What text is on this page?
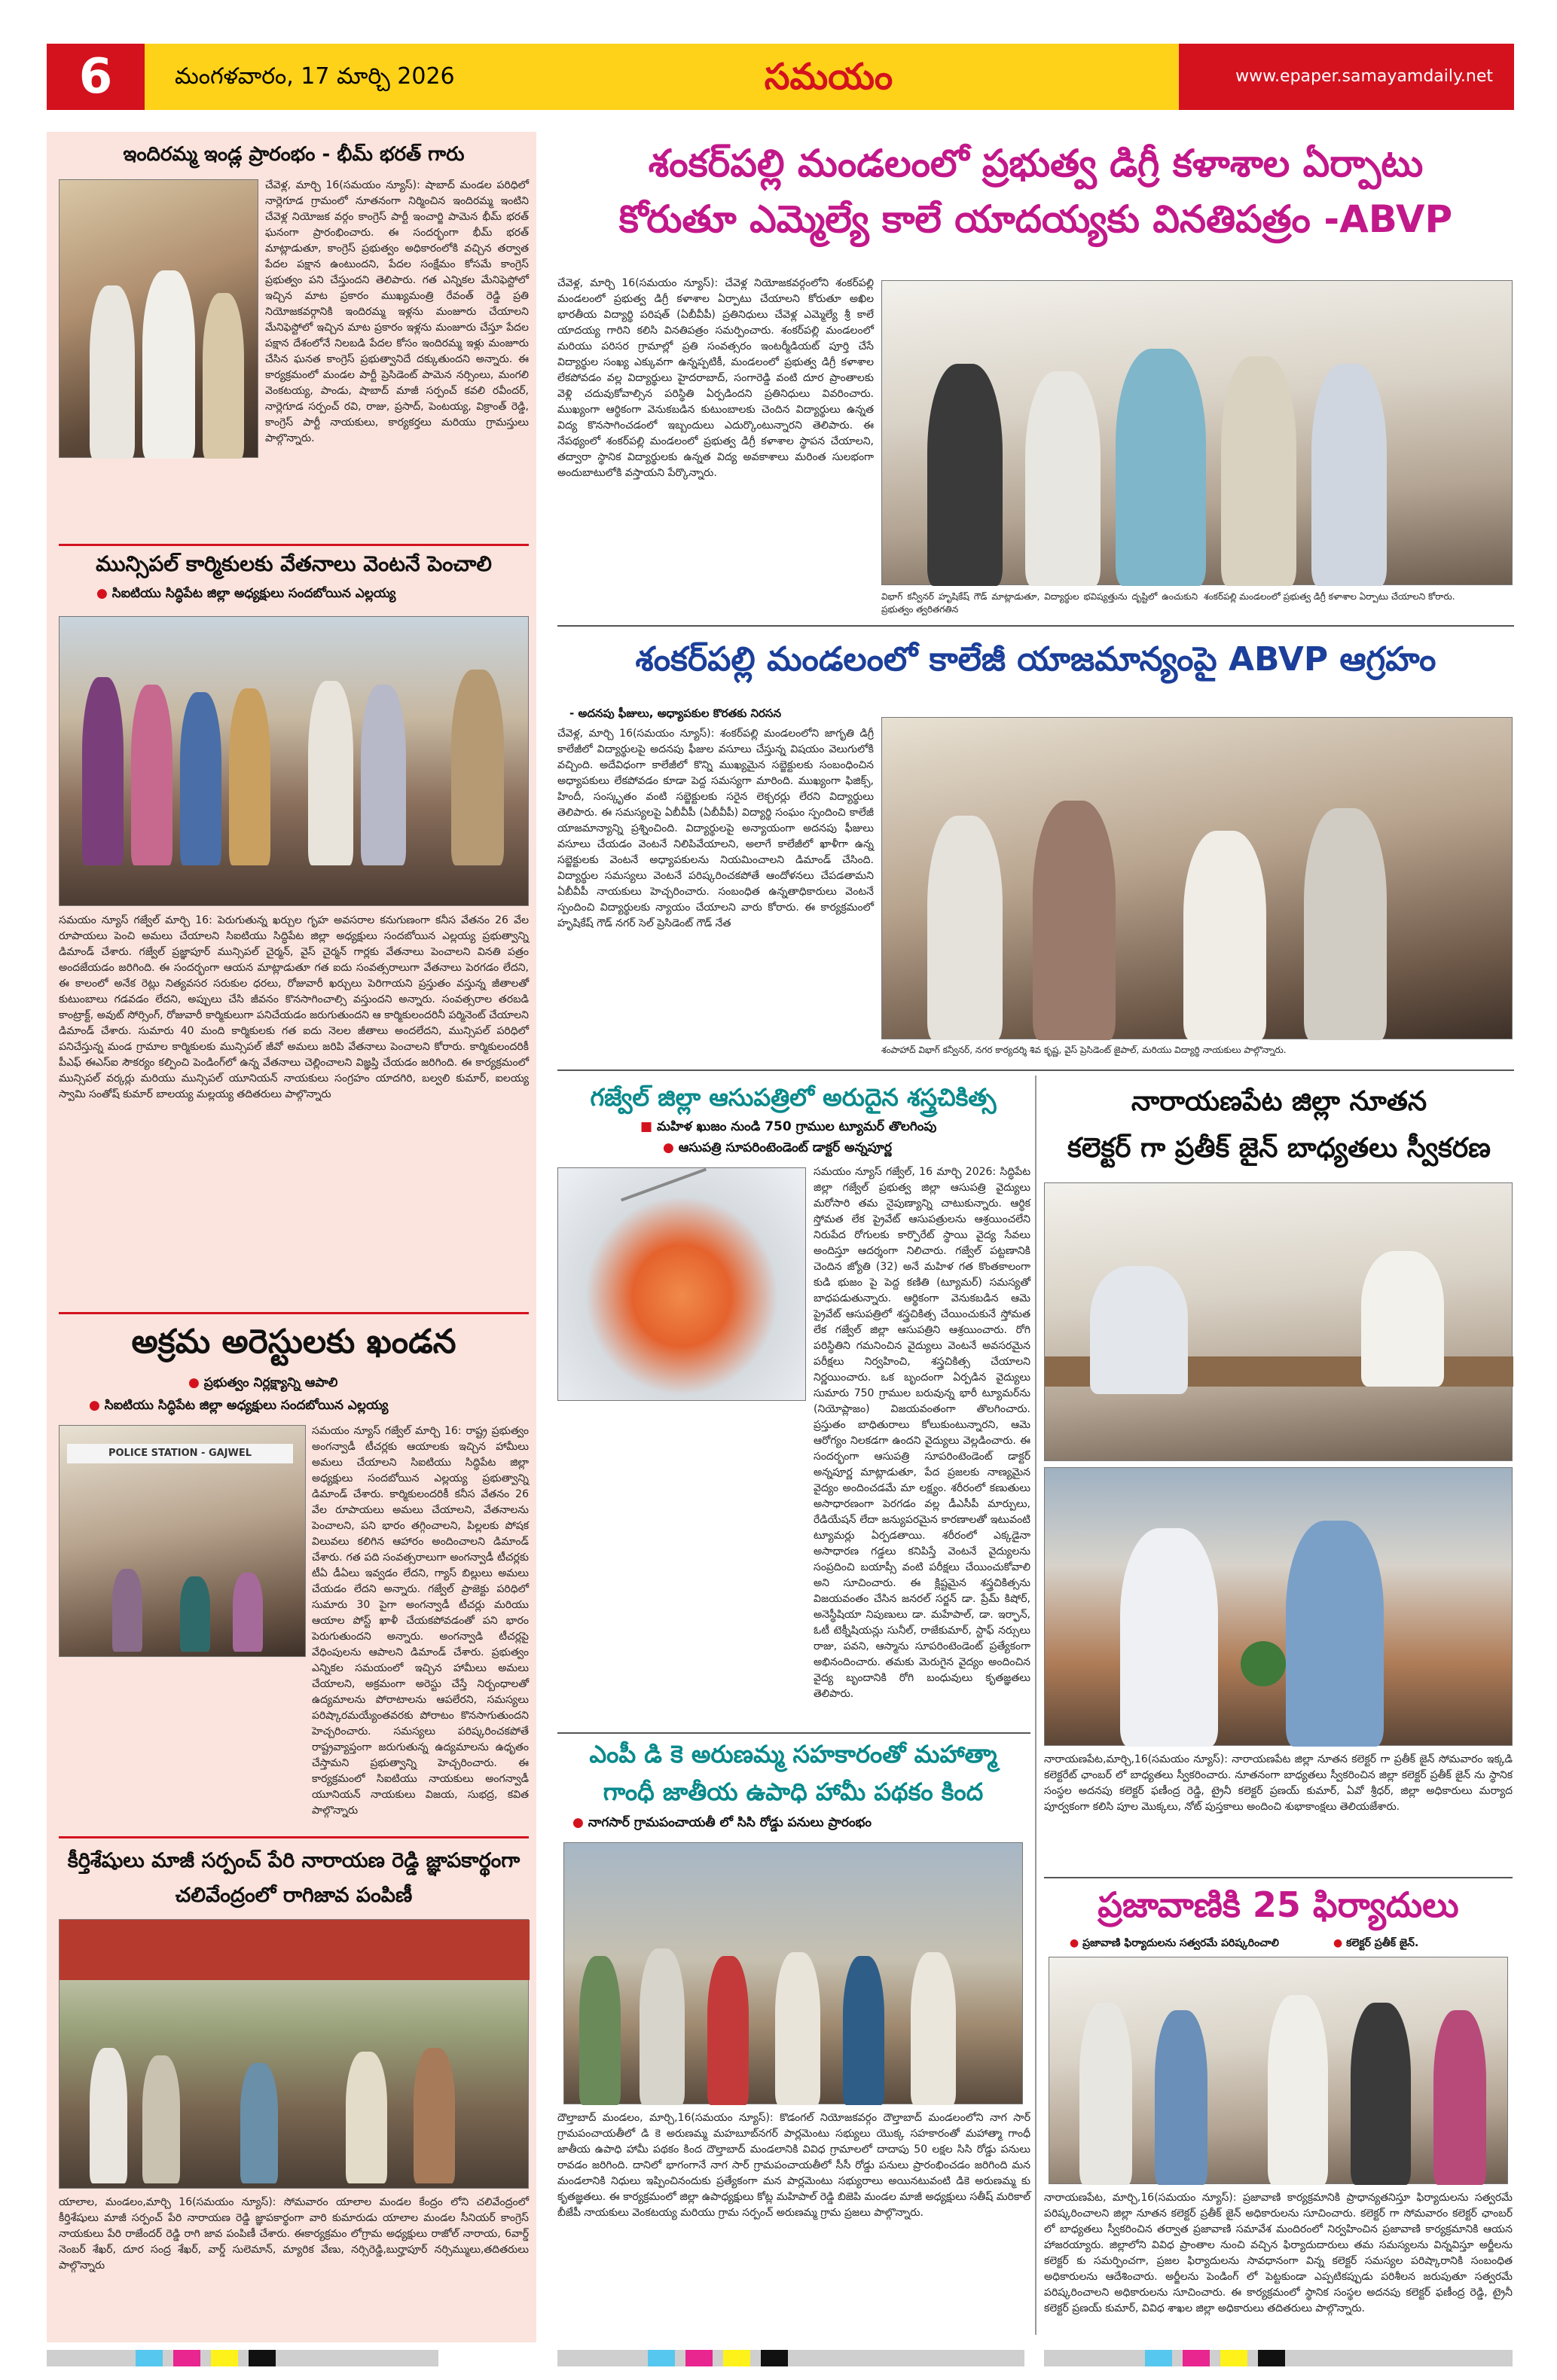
6	మంగళవారం, 17 మార్చి 2026	సమయం	www.epaper.samayamdaily.net
ఇందిరమ్మ ఇండ్ల ప్రారంభం - భీమ్ భరత్ గారు
చేవెళ్ల, మార్చి 16(సమయం న్యూస్): షాబాద్ మండల పరిధిలో నార్లెగూడ గ్రామంలో నూతనంగా నిర్మించిన ఇందిరమ్మ ఇంటిని చేవెళ్ల నియోజక వర్గం కాంగ్రెస్ పార్టీ ఇంచార్జి పామెన భీమ్ భరత్ ఘనంగా ప్రారంభించారు. ఈ సందర్భంగా భీమ్ భరత్ మాట్లాడుతూ, కాంగ్రెస్ ప్రభుత్వం అధికారంలోకి వచ్చిన తర్వాత పేదల పక్షాన ఉంటుందని, పేదల సంక్షేమం కోసమే కాంగ్రెస్ ప్రభుత్వం పని చేస్తుందని తెలిపారు. గత ఎన్నికల మేనిఫెస్టోలో ఇచ్చిన మాట ప్రకారం ముఖ్యమంత్రి రేవంత్ రెడ్డి ప్రతి నియోజకవర్గానికి ఇందిరమ్మ ఇళ్లను మంజూరు చేయాలని మేనిఫెస్టోలో ఇచ్చిన మాట ప్రకారం ఇళ్లను మంజూరు చేస్తూ పేదల పక్షాన దేశంలోనే నిలబడి పేదల కోసం ఇందిరమ్మ ఇళ్లు మంజూరు చేసిన ఘనత కాంగ్రెస్ ప్రభుత్వానిదే దక్కుతుందని అన్నారు. ఈ కార్యక్రమంలో మండల పార్టీ ప్రెసిడెంట్ పామెన నర్సింలు, మంగలి వెంకటయ్య, పాండు, షాబాద్ మాజీ సర్పంచ్ కవలి రవీందర్, నార్లెగూడ సర్పంచ్ రవి, రాజు, ప్రసాద్, పెంటయ్య, విక్రాంత్ రెడ్డి, కాంగ్రెస్ పార్టీ నాయకులు, కార్యకర్తలు మరియు గ్రామస్తులు పాల్గొన్నారు.
మున్సిపల్ కార్మికులకు వేతనాలు వెంటనే పెంచాలి
● సిఐటియు సిద్ధిపేట జిల్లా అధ్యక్షులు సందబోయిన ఎల్లయ్య
సమయం న్యూస్ గజ్వేల్ మార్చి 16: పెరుగుతున్న ఖర్చుల గృహ అవసరాల కనుగుణంగా కనీస వేతనం 26 వేల రూపాయలు పెంచి అమలు చేయాలని సిఐటియు సిద్ధిపేట జిల్లా అధ్యక్షులు సందబోయిన ఎల్లయ్య ప్రభుత్వాన్ని డిమాండ్ చేశారు. గజ్వేల్ ప్రజ్ఞాపూర్ మున్సిపల్ చైర్మన్, వైస్ చైర్మన్ గార్లకు వేతనాలు పెంచాలని వినతి పత్రం అందజేయడం జరిగింది. ఈ సందర్భంగా ఆయన మాట్లాడుతూ గత ఐదు సంవత్సరాలుగా వేతనాలు పెరగడం లేదని, ఈ కాలంలో అనేక రెట్లు నిత్యవసర సరుకుల ధరలు, రోజువారీ ఖర్చులు పెరిగాయని ప్రస్తుతం వస్తున్న జీతాలతో కుటుంబాలు గడవడం లేదని, అప్పులు చేసి జీవనం కొనసాగించాల్సి వస్తుందని అన్నారు. సంవత్సరాల తరబడి కాంట్రాక్ట్, అవుట్ సోర్సింగ్, రోజువారీ కార్మికులుగా పనిచేయడం జరుగుతుందని ఆ కార్మికులందరినీ పర్మినెంట్ చేయాలని డిమాండ్ చేశారు. సుమారు 40 మంది కార్మికులకు గత ఐదు నెలల జీతాలు అందలేదని, మున్సిపల్ పరిధిలో పనిచేస్తున్న మండ గ్రామాల కార్మికులకు మున్సిపల్ జీవో అమలు జరిపి వేతనాలు పెంచాలని కోరారు. కార్మికులందరికీ పీఎఫ్ ఈఎస్ఐ సౌకర్యం కల్పించి పెండింగ్‌లో ఉన్న వేతనాలు చెల్లించాలని విజ్ఞప్తి చేయడం జరిగింది. ఈ కార్యక్రమంలో మున్సిపల్ వర్కర్లు మరియు మున్సిపల్ యూనియన్ నాయకులు సంగ్రహం యాదగిరి, బల్వలి కుమార్, ఐలయ్య స్వామి సంతోష్ కుమార్ బాలయ్య మల్లయ్య తదితరులు పాల్గొన్నారు
అక్రమ అరెస్టులకు ఖండన
● ప్రభుత్వం నిర్లక్ష్యాన్ని ఆపాలి
● సిఐటియు సిద్ధిపేట జిల్లా అధ్యక్షులు సందబోయిన ఎల్లయ్య
POLICE STATION - GAJWEL
సమయం న్యూస్ గజ్వేల్ మార్చి 16: రాష్ట్ర ప్రభుత్వం అంగన్వాడీ టీచర్లకు ఆయాలకు ఇచ్చిన హామీలు అమలు చేయాలని సిఐటియు సిద్ధిపేట జిల్లా అధ్యక్షులు సందబోయిన ఎల్లయ్య ప్రభుత్వాన్ని డిమాండ్ చేశారు. కార్మికులందరికీ కనీస వేతనం 26 వేల రూపాయలు అమలు చేయాలని, వేతనాలను పెంచాలని, పని భారం తగ్గించాలని, పిల్లలకు పోషక విలువలు కలిగిన ఆహారం అందించాలని డిమాండ్ చేశారు. గత పది సంవత్సరాలుగా అంగన్వాడీ టీచర్లకు టీఏ డీఏలు ఇవ్వడం లేదని, గ్యాస్ బిల్లులు అమలు చేయడం లేదని అన్నారు. గజ్వేల్ ప్రాజెక్టు పరిధిలో సుమారు 30 పైగా అంగన్వాడీ టీచర్లు మరియు ఆయాల పోస్ట్ ఖాళీ చేయకపోవడంతో పని భారం పెరుగుతుందని అన్నారు. అంగన్వాడి టీచర్లపై వేధింపులను ఆపాలని డిమాండ్ చేశారు. ప్రభుత్వం ఎన్నికల సమయంలో ఇచ్చిన హామీలు అమలు చేయాలని, అక్రమంగా అరెస్టు చేస్తే నిర్బంధాలతో ఉద్యమాలను పోరాటాలను ఆపలేరని, సమస్యలు పరిష్కారమయ్యేంతవరకు పోరాటం కొనసాగుతుందని హెచ్చరించారు. సమస్యలు పరిష్కరించకపోతే రాష్ట్రవ్యాప్తంగా జరుగుతున్న ఉద్యమాలను ఉధృతం చేస్తామని ప్రభుత్వాన్ని హెచ్చరించారు. ఈ కార్యక్రమంలో సిఐటియు నాయకులు అంగన్వాడీ యూనియన్ నాయకులు విజయ, సుభద్ర, కవిత పాల్గొన్నారు
కీర్తిశేషులు మాజీ సర్పంచ్ పేరి నారాయణ రెడ్డి జ్ఞాపకార్థంగా చలివేంద్రంలో రాగిజావ పంపిణీ
యాలాల, మండలం,మార్చి 16(సమయం న్యూస్): సోమవారం యాలాల మండల కేంద్రం లోని చలివేంద్రంలో కీర్తిశేషులు మాజీ సర్పంచ్ పేరి నారాయణ రెడ్డి జ్ఞాపకార్థంగా వారి కుమారుడు యాలాల మండల సీనియర్ కాంగ్రెస్ నాయకులు పేరి రాజేందర్ రెడ్డి రాగి జావ పంపిణీ చేశారు. ఈకార్యక్రమం లోగ్రామ అధ్యక్షులు రాజోల్ నారాయ, 6వార్డ్ నెంబర్ శేఖర్, దూర సంద్ర శేఖర్, వార్డ్ సులెమాన్, మ్యారిక వేణు, నర్సిరెడ్డి,బుర్హాపూర్ నర్సిమ్ములు,తదితరులు పాల్గొన్నారు
శంకర్‌పల్లి మండలంలో ప్రభుత్వ డిగ్రీ కళాశాల ఏర్పాటు
కోరుతూ ఎమ్మెల్యే కాలే యాదయ్యకు వినతిపత్రం -ABVP
చేవెళ్ల, మార్చి 16(సమయం న్యూస్): చేవెళ్ల నియోజకవర్గంలోని శంకర్‌పల్లి మండలంలో ప్రభుత్వ డిగ్రీ కళాశాల ఏర్పాటు చేయాలని కోరుతూ అఖిల భారతీయ విద్యార్థి పరిషత్ (ఏబీవీపీ) ప్రతినిధులు చేవెళ్ల ఎమ్మెల్యే శ్రీ కాలే యాదయ్య గారిని కలిసి వినతిపత్రం సమర్పించారు. శంకర్‌పల్లి మండలంలో మరియు పరిసర గ్రామాల్లో ప్రతి సంవత్సరం ఇంటర్మీడియట్ పూర్తి చేసే విద్యార్థుల సంఖ్య ఎక్కువగా ఉన్నప్పటికీ, మండలంలో ప్రభుత్వ డిగ్రీ కళాశాల లేకపోవడం వల్ల విద్యార్థులు హైదరాబాద్, సంగారెడ్డి వంటి దూర ప్రాంతాలకు వెళ్లి చదువుకోవాల్సిన పరిస్థితి ఏర్పడిందని ప్రతినిధులు వివరించారు. ముఖ్యంగా ఆర్థికంగా వెనుకబడిన కుటుంబాలకు చెందిన విద్యార్థులు ఉన్నత విద్య కొనసాగించడంలో ఇబ్బందులు ఎదుర్కొంటున్నారని తెలిపారు. ఈ నేపథ్యంలో శంకర్‌పల్లి మండలంలో ప్రభుత్వ డిగ్రీ కళాశాల స్థాపన చేయాలని, తద్వారా స్థానిక విద్యార్థులకు ఉన్నత విద్య అవకాశాలు మరింత సులభంగా అందుబాటులోకి వస్తాయని పేర్కొన్నారు.
విభాగ్ కన్వీనర్ హృషికేష్ గౌడ్ మాట్లాడుతూ, విద్యార్థుల భవిష్యత్తును దృష్టిలో ఉంచుకుని ప్రభుత్వం త్వరితగతిన
శంకర్‌పల్లి మండలంలో ప్రభుత్వ డిగ్రీ కళాశాల ఏర్పాటు చేయాలని కోరారు.
శంకర్‌పల్లి మండలంలో కాలేజీ యాజమాన్యంపై ABVP ఆగ్రహం
- అదనపు ఫీజులు, అధ్యాపకుల కొరతకు నిరసన
చేవెళ్ల, మార్చి 16(సమయం న్యూస్): శంకర్‌పల్లి మండలంలోని జాగృతి డిగ్రీ కాలేజీలో విద్యార్థులపై అదనపు ఫీజుల వసూలు చేస్తున్న విషయం వెలుగులోకి వచ్చింది. అదేవిధంగా కాలేజీలో కొన్ని ముఖ్యమైన సబ్జెక్టులకు సంబంధించిన అధ్యాపకులు లేకపోవడం కూడా పెద్ద సమస్యగా మారింది. ముఖ్యంగా ఫిజిక్స్, హిందీ, సంస్కృతం వంటి సబ్జెక్టులకు సరైన లెక్చరర్లు లేరని విద్యార్థులు తెలిపారు. ఈ సమస్యలపై ఏబీవీపీ (ఏబీవీపీ) విద్యార్థి సంఘం స్పందించి కాలేజీ యాజమాన్యాన్ని ప్రశ్నించింది. విద్యార్థులపై అన్యాయంగా అదనపు ఫీజులు వసూలు చేయడం వెంటనే నిలిపివేయాలని, అలాగే కాలేజీలో ఖాళీగా ఉన్న సబ్జెక్టులకు వెంటనే అధ్యాపకులను నియమించాలని డిమాండ్ చేసింది. విద్యార్థుల సమస్యలు వెంటనే పరిష్కరించకపోతే ఆందోళనలు చేపడతామని ఏబీవీపీ నాయకులు హెచ్చరించారు. సంబంధిత ఉన్నతాధికారులు వెంటనే స్పందించి విద్యార్థులకు న్యాయం చేయాలని వారు కోరారు. ఈ కార్యక్రమంలో హృషికేష్ గౌడ్ నగర్ సెల్ ప్రెసిడెంట్ గౌడ్ నేత
శంపాహాద్ విభాగ్ కన్వీనర్, నగర కార్యదర్శి శివ కృష్ణ, వైస్ ప్రెసిడెంట్ జైపాల్, మరియు విద్యార్థి నాయకులు పాల్గొన్నారు.
గజ్వేల్ జిల్లా ఆసుపత్రిలో అరుదైన శస్త్రచికిత్స
■ మహిళ ఖుజం నుండి 750 గ్రాముల ట్యూమర్ తొలగింపు
● ఆసుపత్రి సూపరింటెండెంట్ డాక్టర్ అన్నపూర్ణ
సమయం న్యూస్ గజ్వేల్, 16 మార్చి 2026: సిద్ధిపేట జిల్లా గజ్వేల్ ప్రభుత్వ జిల్లా ఆసుపత్రి వైద్యులు మరోసారి తమ నైపుణ్యాన్ని చాటుకున్నారు. ఆర్థిక స్తోమత లేక ప్రైవేట్ ఆసుపత్రులను ఆశ్రయించలేని నిరుపేద రోగులకు కార్పొరేట్ స్థాయి వైద్య సేవలు అందిస్తూ ఆదర్శంగా నిలిచారు. గజ్వేల్ పట్టణానికి చెందిన జ్యోతి (32) అనే మహిళ గత కొంతకాలంగా కుడి భుజం పై పెద్ద కణితి (ట్యూమర్) సమస్యతో బాధపడుతున్నారు. ఆర్థికంగా వెనుకబడిన ఆమె ప్రైవేట్ ఆసుపత్రిలో శస్త్రచికిత్స చేయించుకునే స్తోమత లేక గజ్వేల్ జిల్లా ఆసుపత్రిని ఆశ్రయించారు. రోగి పరిస్థితిని గమనించిన వైద్యులు వెంటనే అవసరమైన పరీక్షలు నిర్వహించి, శస్త్రచికిత్స చేయాలని నిర్ణయించారు. ఒక బృందంగా ఏర్పడిన వైద్యులు సుమారు 750 గ్రాముల బరువున్న భారీ ట్యూమర్‌ను (నియోప్లాజం) విజయవంతంగా తొలగించారు. ప్రస్తుతం బాధితురాలు కోలుకుంటున్నారని, ఆమె ఆరోగ్యం నిలకడగా ఉందని వైద్యులు వెల్లడించారు. ఈ సందర్భంగా ఆసుపత్రి సూపరింటెండెంట్ డాక్టర్ అన్నపూర్ణ మాట్లాడుతూ, పేద ప్రజలకు నాణ్యమైన వైద్యం అందించడమే మా లక్ష్యం. శరీరంలో కణుతులు అసాధారణంగా పెరగడం వల్ల డీఎసీపీ మార్పులు, రేడియేషన్ లేదా జన్యుపరమైన కారణాలతో ఇటువంటి ట్యూమర్లు ఏర్పడతాయి. శరీరంలో ఎక్కడైనా అసాధారణ గడ్డలు కనిపిస్తే వెంటనే వైద్యులను సంప్రదించి బయాప్సీ వంటి పరీక్షలు చేయించుకోవాలి అని సూచించారు. ఈ క్లిష్టమైన శస్త్రచికిత్సను విజయవంతం చేసిన జనరల్ సర్జన్ డా. ప్రేమ్ కిషోర్, అనెస్థీషియా నిపుణులు డా. మహేపాల్, డా. ఇర్ఫాన్, ఓటీ టెక్నీషియన్లు సునీల్, రాజేకుమార్, స్టాఫ్ నర్సులు రాజు, పవని, ఆస్మాను సూపరింటెండెంట్ ప్రత్యేకంగా అభినందించారు. తమకు మెరుగైన వైద్యం అందించిన వైద్య బృందానికి రోగి బంధువులు కృతజ్ఞతలు తెలిపారు.
ఎంపీ డి కె అరుణమ్మ సహకారంతో మహాత్మా
గాంధీ జాతీయ ఉపాధి హామీ పథకం కింద
● నాగసార్ గ్రామపంచాయతీ లో సిసి రోడ్డు పనులు ప్రారంభం
దౌల్తాబాద్ మండలం, మార్చి,16(సమయం న్యూస్): కొడంగల్ నియోజకవర్గం దౌల్తాబాద్ మండలంలోని నాగ సార్ గ్రామపంచాయతీలో డి కె అరుణమ్మ మహబూబ్‌నగర్ పార్లమెంటు సభ్యులు యొక్క సహకారంతో మహాత్మా గాంధీ జాతీయ ఉపాధి హామీ పథకం కింద దౌల్తాబాద్ మండలానికి వివిధ గ్రామాలలో దాదాపు 50 లక్షల సిసి రోడ్డు పనులు రావడం జరిగింది. దానిలో భాగంగానే నాగ సార్ గ్రామపంచాయతీలో సీసీ రోడ్డు పనులు ప్రారంభించడం జరిగింది మన మండలానికి నిధులు ఇప్పించినందుకు ప్రత్యేకంగా మన పార్లమెంటు సభ్యురాలు అయినటువంటి డికె అరుణమ్మ కు కృతజ్ఞతలు. ఈ కార్యక్రమంలో జిల్లా ఉపాధ్యక్షులు కోట్ల మహిపాల్ రెడ్డి బిజెపి మండల మాజీ అధ్యక్షులు సతీష్ మరికాల్ బీజేపీ నాయకులు వెంకటయ్య మరియు గ్రామ సర్పంచ్ అరుణమ్మ గ్రామ ప్రజలు పాల్గొన్నారు.
నారాయణపేట జిల్లా నూతన
కలెక్టర్ గా ప్రతీక్ జైన్ బాధ్యతలు స్వీకరణ
నారాయణపేట,మార్చి,16(సమయం న్యూస్): నారాయణపేట జిల్లా నూతన కలెక్టర్ గా ప్రతీక్ జైన్ సోమవారం ఇక్కడి కలెక్టరేట్ ఛాంబర్ లో బాధ్యతలు స్వీకరించారు. నూతనంగా బాధ్యతలు స్వీకరించిన జిల్లా కలెక్టర్ ప్రతీక్ జైన్ ను స్థానిక సంస్థల అదనపు కలెక్టర్ ఫణీంద్ర రెడ్డి, ట్రైనీ కలెక్టర్ ప్రణయ్ కుమార్, ఏవో శ్రీధర్, జిల్లా అధికారులు మర్యాద పూర్వకంగా కలిసి పూల మొక్కలు, నోట్ పుస్తకాలు అందించి శుభాకాంక్షలు తెలియజేశారు.
ప్రజావాణికి 25 ఫిర్యాదులు
● ప్రజావాణి ఫిర్యాదులను సత్వరమే పరిష్కరించాలి	● కలెక్టర్ ప్రతీక్ జైన్.
నారాయణపేట, మార్చి,16(సమయం న్యూస్): ప్రజావాణి కార్యక్రమానికి ప్రాధాన్యతనిస్తూ ఫిర్యాదులను సత్వరమే పరిష్కరించాలని జిల్లా నూతన కలెక్టర్ ప్రతీక్ జైన్ అధికారులను సూచించారు. కలెక్టర్ గా సోమవారం కలెక్టర్ ఛాంబర్ లో బాధ్యతలు స్వీకరించిన తర్వాత ప్రజావాణి సమావేశ మందిరంలో నిర్వహించిన ప్రజావాణి కార్యక్రమానికి ఆయన హాజరయ్యారు. జిల్లాలోని వివిధ ప్రాంతాల నుంచి వచ్చిన ఫిర్యాదుదారులు తమ సమస్యలను విన్నవిస్తూ అర్జీలను కలెక్టర్ కు సమర్పించగా, ప్రజల ఫిర్యాదులను సావధానంగా విన్న కలెక్టర్ సమస్యల పరిష్కారానికి సంబంధిత అధికారులను ఆదేశించారు. అర్జీలను పెండింగ్ లో పెట్టకుండా ఎప్పటికప్పుడు పరిశీలన జరుపుతూ సత్వరమే పరిష్కరించాలని అధికారులను సూచించారు. ఈ కార్యక్రమంలో స్థానిక సంస్థల అదనపు కలెక్టర్ ఫణీంద్ర రెడ్డి, ట్రైనీ కలెక్టర్ ప్రణయ్ కుమార్, వివిధ శాఖల జిల్లా అధికారులు తదితరులు పాల్గొన్నారు.
